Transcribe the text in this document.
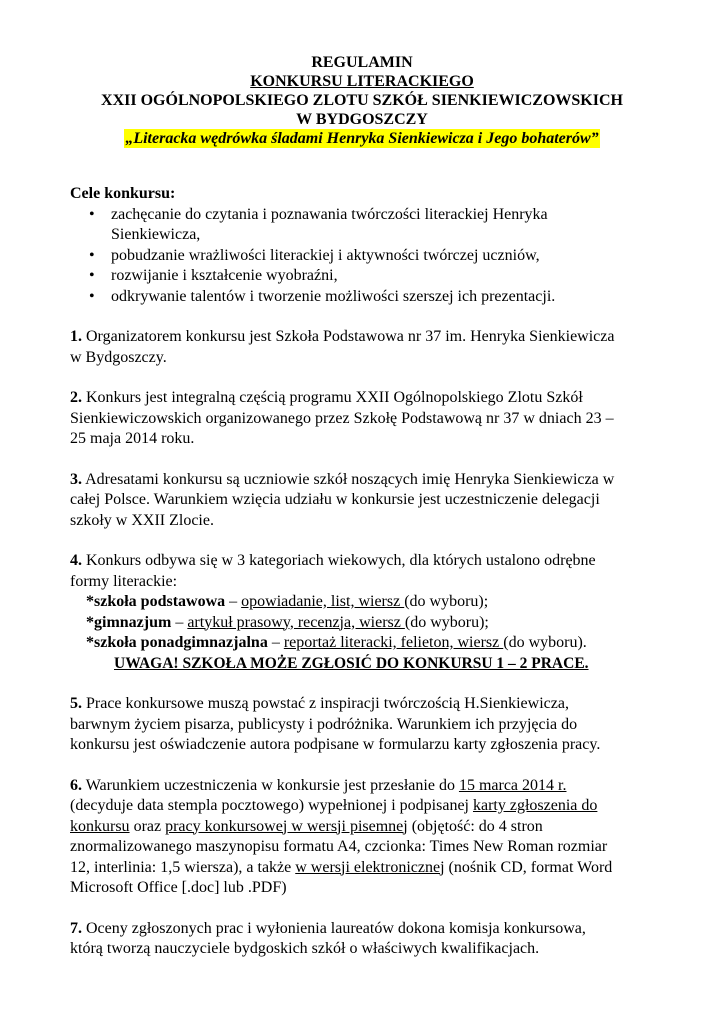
REGULAMIN
KONKURSU LITERACKIEGO
XXII OGÓLNOPOLSKIEGO ZLOTU SZKÓŁ SIENKIEWICZOWSKICH
W BYDGOSZCZY
„Literacka wędrówka śladami Henryka Sienkiewicza i Jego bohaterów”
Cele konkursu:
• zachęcanie do czytania i poznawania twórczości literackiej Henryka
Sienkiewicza,
• pobudzanie wrażliwości literackiej i aktywności twórczej uczniów,
• rozwijanie i kształcenie wyobraźni,
• odkrywanie talentów i tworzenie możliwości szerszej ich prezentacji.
1. Organizatorem konkursu jest Szkoła Podstawowa nr 37 im. Henryka Sienkiewicza
w Bydgoszczy.
2. Konkurs jest integralną częścią programu XXII Ogólnopolskiego Zlotu Szkół
Sienkiewiczowskich organizowanego przez Szkołę Podstawową nr 37 w dniach 23 –
25 maja 2014 roku.
3. Adresatami konkursu są uczniowie szkół noszących imię Henryka Sienkiewicza w
całej Polsce. Warunkiem wzięcia udziału w konkursie jest uczestniczenie delegacji
szkoły w XXII Zlocie.
4. Konkurs odbywa się w 3 kategoriach wiekowych, dla których ustalono odrębne
formy literackie:
*szkoła podstawowa – opowiadanie, list, wiersz (do wyboru);
*gimnazjum – artykuł prasowy, recenzja, wiersz (do wyboru);
*szkoła ponadgimnazjalna – reportaż literacki, felieton, wiersz (do wyboru).
UWAGA! SZKOŁA MOŻE ZGŁOSIĆ DO KONKURSU 1 – 2 PRACE.
5. Prace konkursowe muszą powstać z inspiracji twórczością H.Sienkiewicza,
barwnym życiem pisarza, publicysty i podróżnika. Warunkiem ich przyjęcia do
konkursu jest oświadczenie autora podpisane w formularzu karty zgłoszenia pracy.
6. Warunkiem uczestniczenia w konkursie jest przesłanie do 15 marca 2014 r.
(decyduje data stempla pocztowego) wypełnionej i podpisanej karty zgłoszenia do
konkursu oraz pracy konkursowej w wersji pisemnej (objętość: do 4 stron
znormalizowanego maszynopisu formatu A4, czcionka: Times New Roman rozmiar
12, interlinia: 1,5 wiersza), a także w wersji elektronicznej (nośnik CD, format Word
Microsoft Office [.doc] lub .PDF)
7. Oceny zgłoszonych prac i wyłonienia laureatów dokona komisja konkursowa,
którą tworzą nauczyciele bydgoskich szkół o właściwych kwalifikacjach.
